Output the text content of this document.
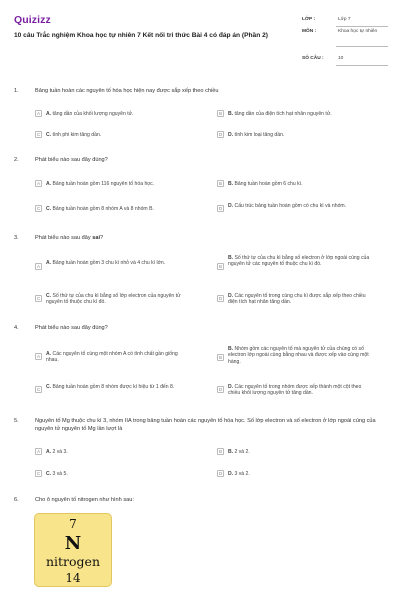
Quizizz
10 câu Trắc nghiệm Khoa học tự nhiên 7 Kết nối tri thức Bài 4 có đáp án (Phần 2)
LỚP :	Lớp 7
MÔN :	Khoa học tự nhiên
SỐ CÂU :	10
1.	Bảng tuần hoàn các nguyên tố hóa học hiện nay được sắp xếp theo chiều
A	A. tăng dần của khối lượng nguyên tử.	B	B. tăng dần của điện tích hạt nhân nguyên tử.
C	C. tính phi kim tăng dần.	D	D. tính kim loại tăng dần.
2.	Phát biểu nào sau đây đúng?
A	A. Bảng tuần hoàn gồm 116 nguyên tố hóa học.	B	B. Bảng tuần hoàn gồm 6 chu kì.
C	C. Bảng tuần hoàn gồm 8 nhóm A và 8 nhóm B.	D	D. Cấu trúc bảng tuần hoàn gồm có chu kì và nhóm.
3.	Phát biểu nào sau đây sai?
A
A. Bảng tuần hoàn gồm 3 chu kì nhỏ và 4 chu kì lớn.
B
B. Số thứ tự của chu kì bằng số electron ở lớp ngoài cùng của nguyên tử các nguyên tố thuộc chu kì đó.
C	C. Số thứ tự của chu kì bằng số lớp electron của nguyên tử nguyên tố thuộc chu kì đó.
D	D. Các nguyên tố trong cùng chu kì được sắp xếp theo chiều điện tích hạt nhân tăng dần.
4.	Phát biểu nào sau đây đúng?
A	A. Các nguyên tố cùng một nhóm A có tính chất gần giống nhau.	B
B. Nhóm gồm các nguyên tố mà nguyên tử của chúng có số electron lớp ngoài cùng bằng nhau và được xếp vào cùng một hàng.
C	C. Bảng tuần hoàn gồm 8 nhóm được kí hiệu từ 1 đến 8.	D	D. Các nguyên tố trong nhóm được xếp thành một cột theo chiều khối lượng nguyên tử tăng dần.
5.	Nguyên tố Mg thuộc chu kì 3, nhóm IIA trong bảng tuần hoàn các nguyên tố hóa học. Số lớp electron và số electron ở lớp ngoài cùng của nguyên tử nguyên tố Mg lần lượt là
A	A. 2 và 3.	B	B. 2 và 2.
C	C. 3 và 5.	D	D. 3 và 2.
6.	Cho ô nguyên tố nitrogen như hình sau:
7
N
nitrogen
14
